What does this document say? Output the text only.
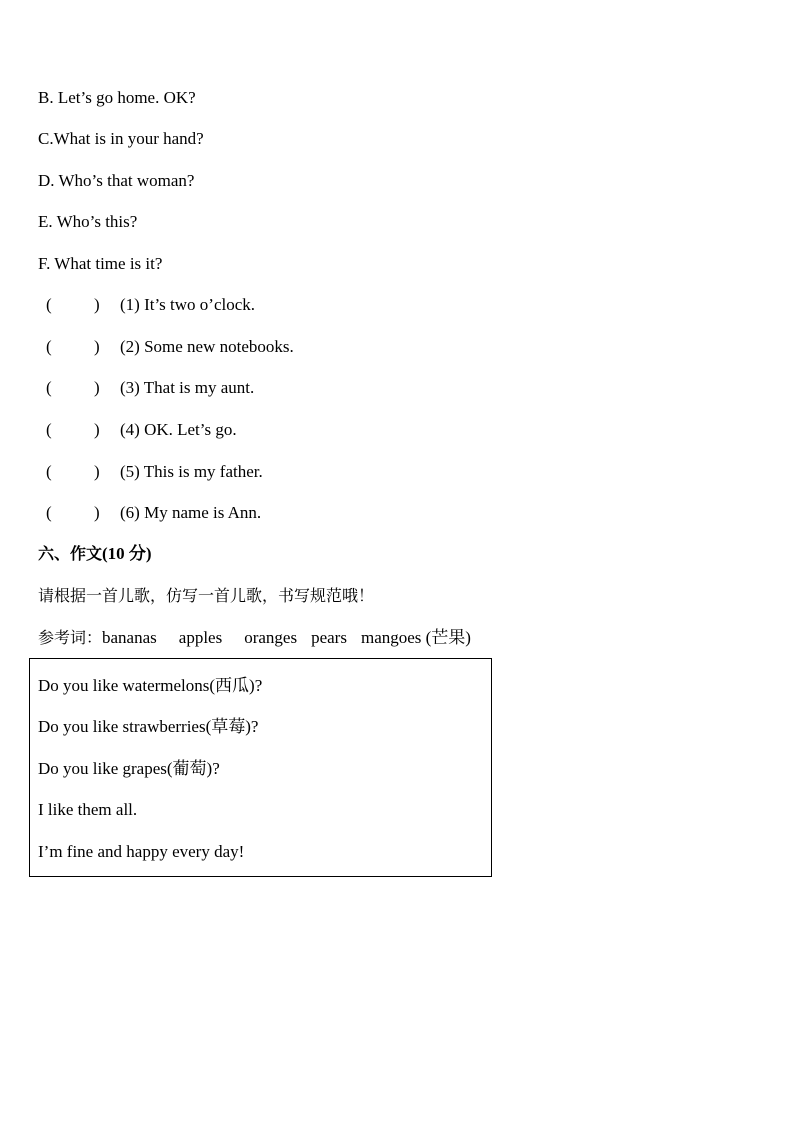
B. Let’s go home. OK?
C.What is in your hand?
D. Who’s that woman?
E. Who’s this?
F. What time is it?
( ) (1) It’s two o’clock.
( ) (2) Some new notebooks.
( ) (3) That is my aunt.
( ) (4) OK. Let’s go.
( ) (5) This is my father.
( ) (6) My name is Ann.
六、作文(10 分)
请根据一首儿歌，仿写一首儿歌，书写规范哦！
参考词：bananas apples oranges pears mangoes (芒果)
Do you like watermelons(西瓜)?
Do you like strawberries(草莓)?
Do you like grapes(葡萄)?
I like them all.
I’m fine and happy every day!
